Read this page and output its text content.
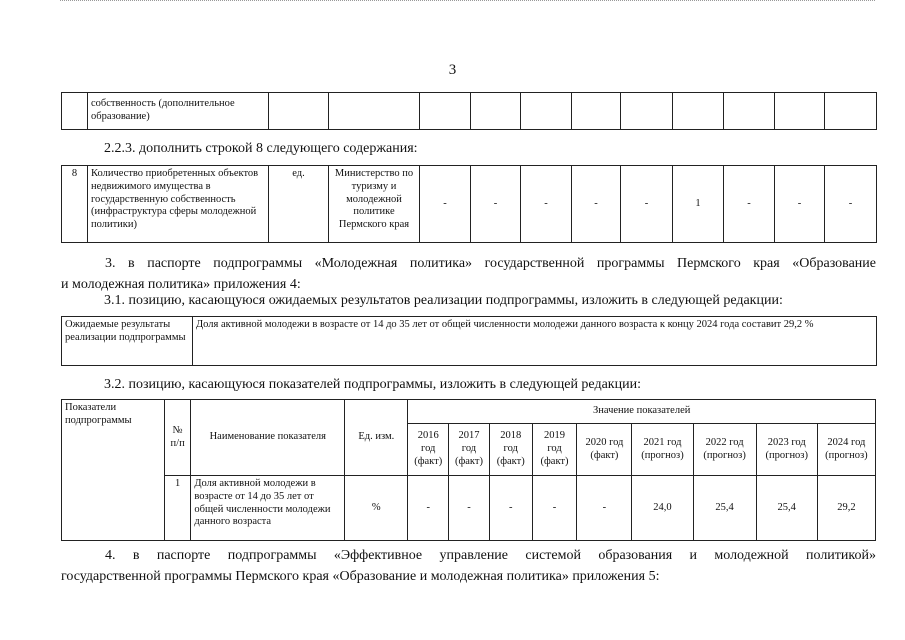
3
	собственность (дополнительное образование)											
2.2.3. дополнить строкой 8 следующего содержания:
8	Количество приобретенных объектов недвижимого имущества в государственную собственность (инфраструктура сферы молодежной политики)	ед.	Министерство по туризму и молодежной политике Пермского края	-	-	-	-	-	1	-	-	-
3. в паспорте подпрограммы «Молодежная политика» государственной программы Пермского края «Образование
и молодежная политика» приложения 4:
3.1. позицию, касающуюся ожидаемых результатов реализации подпрограммы, изложить в следующей редакции:
Ожидаемые результаты реализации подпрограммы	Доля активной молодежи в возрасте от 14 до 35 лет от общей численности молодежи данного возраста к концу 2024 года составит 29,2 %
3.2. позицию, касающуюся показателей подпрограммы, изложить в следующей редакции:
Показатели подпрограммы	№ п/п	Наименование показателя	Ед. изм.	Значение показателей								
				2016 год (факт)	2017 год (факт)	2018 год (факт)	2019 год (факт)	2020 год (факт)	2021 год (прогноз)	2022 год (прогноз)	2023 год (прогноз)	2024 год (прогноз)
	1	Доля активной молодежи в возрасте от 14 до 35 лет от общей численности молодежи данного возраста	%	-	-	-	-	-	24,0	25,4	25,4	29,2
4. в паспорте подпрограммы «Эффективное управление системой образования и молодежной политикой»
государственной программы Пермского края «Образование и молодежная политика» приложения 5:
